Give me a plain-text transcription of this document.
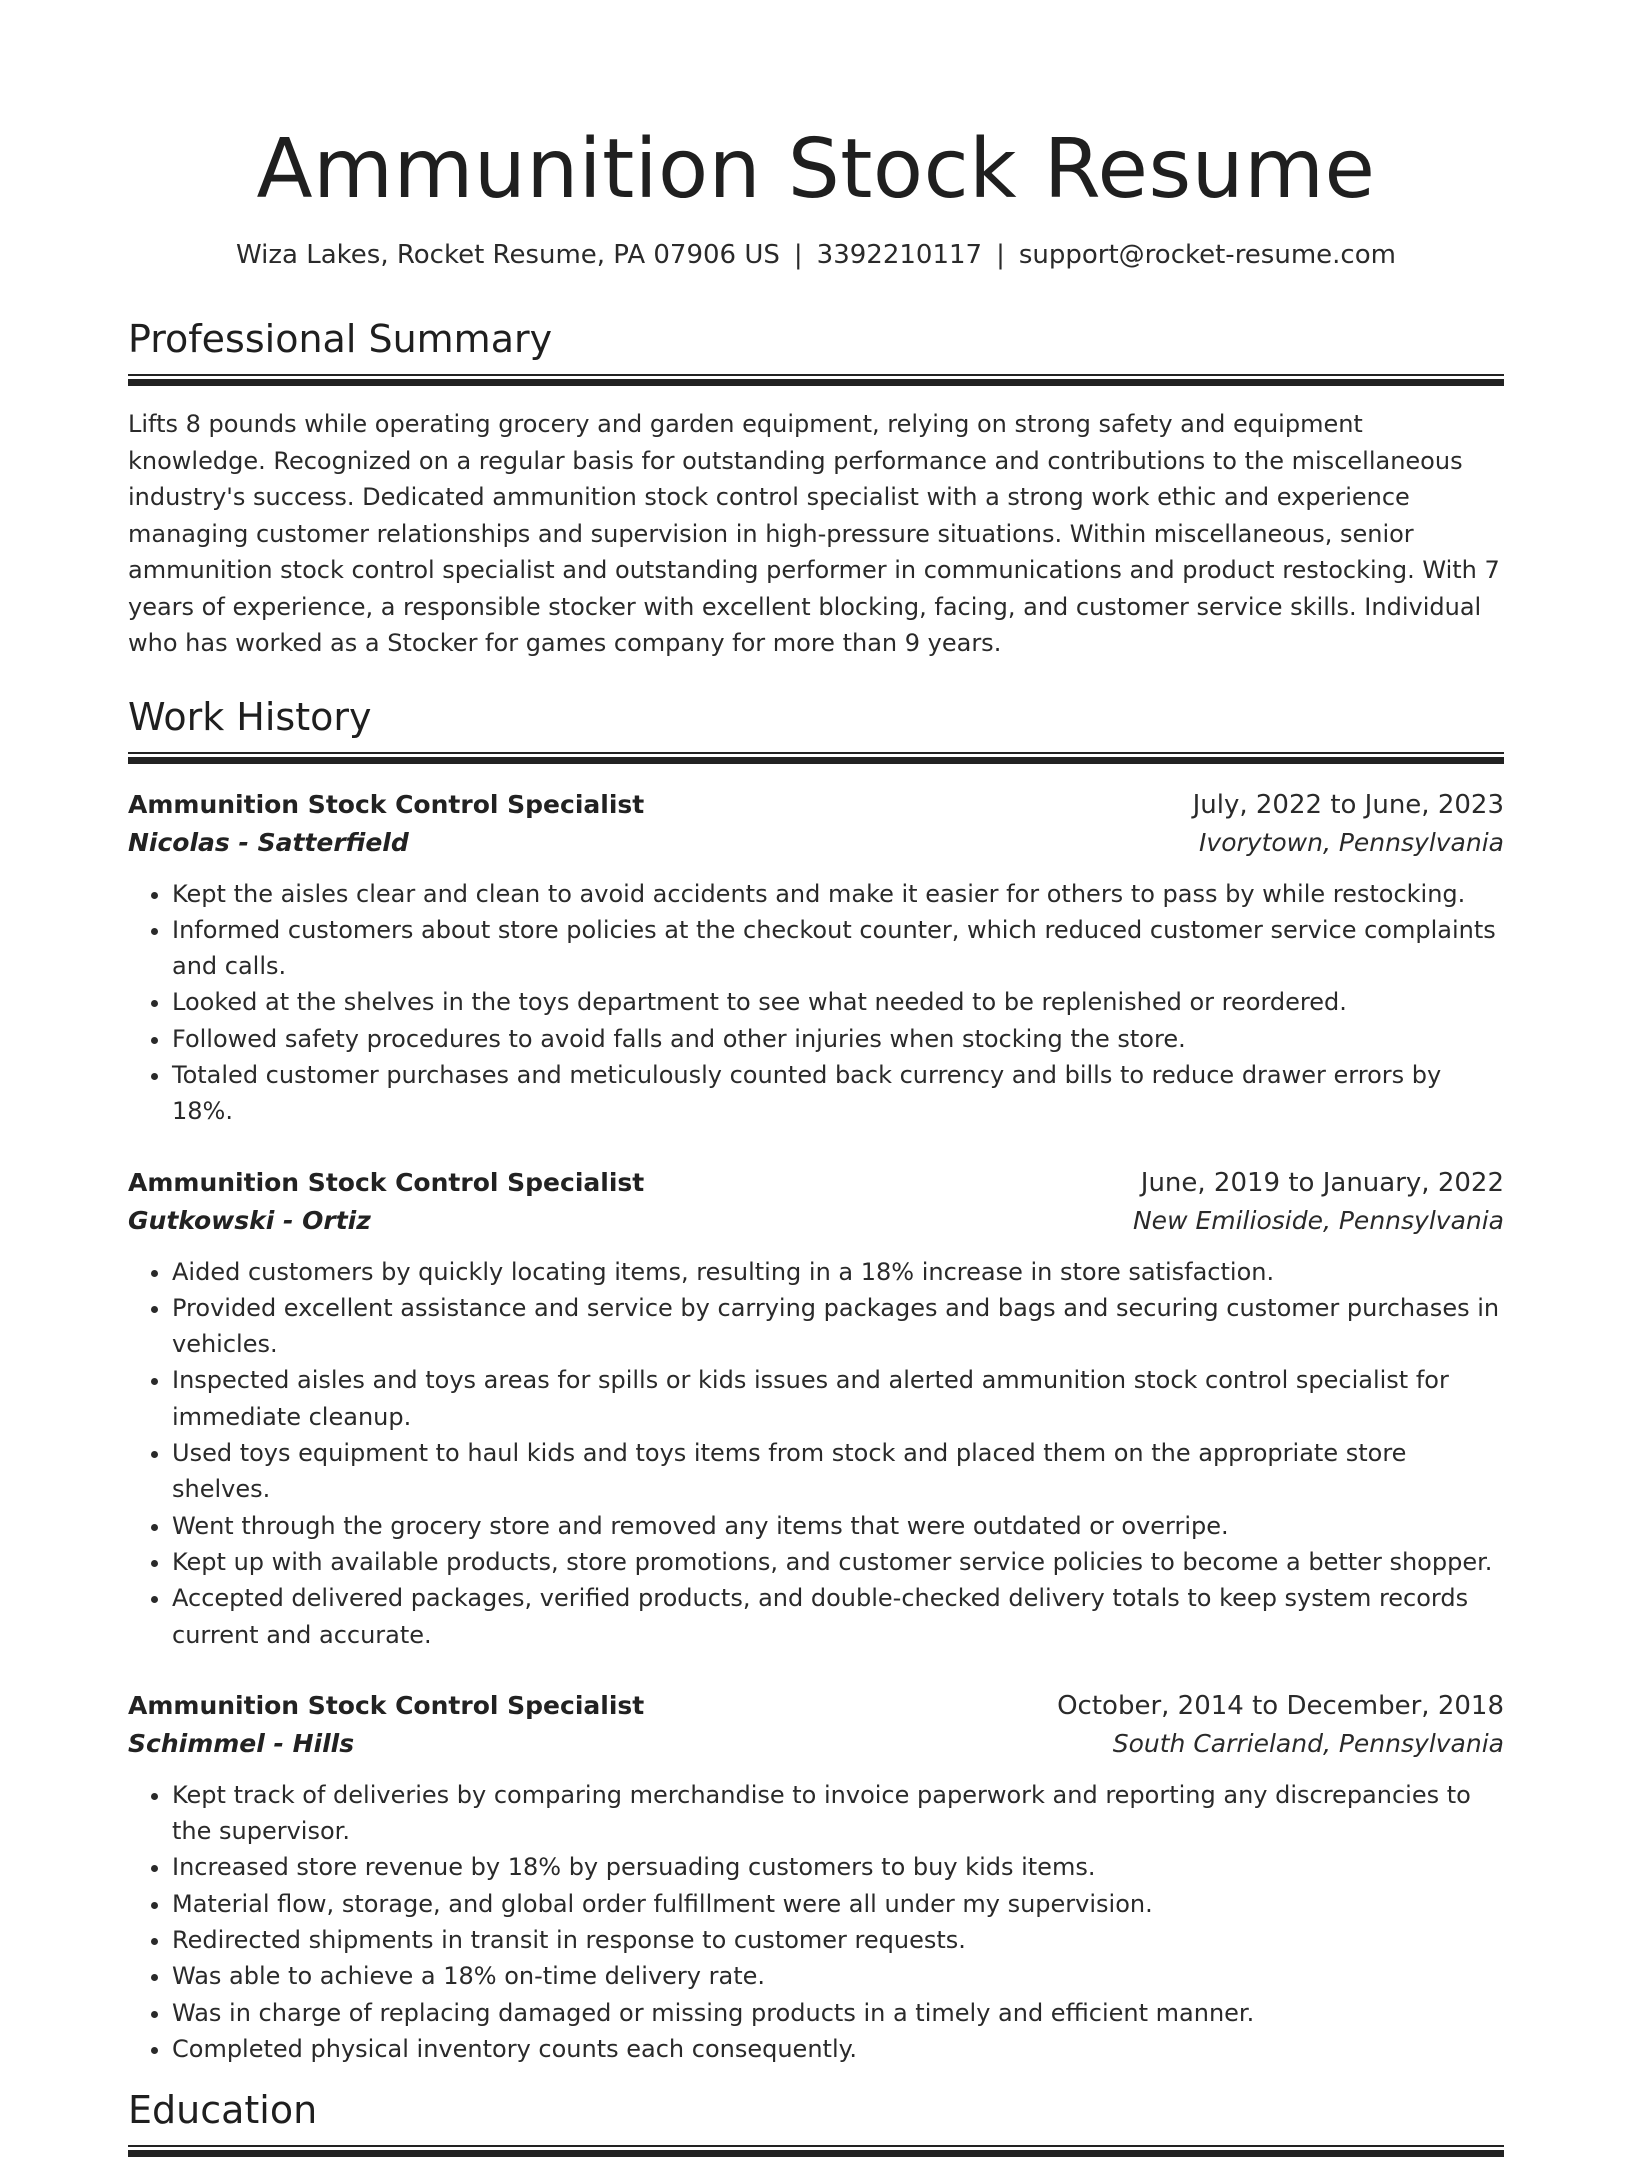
Ammunition Stock Resume
Wiza Lakes, Rocket Resume, PA 07906 US | 3392210117 | support@rocket-resume.com
Professional Summary

Lifts 8 pounds while operating grocery and garden equipment, relying on strong safety and equipment knowledge. Recognized on a regular basis for outstanding performance and contributions to the miscellaneous industry's success. Dedicated ammunition stock control specialist with a strong work ethic and experience managing customer relationships and supervision in high-pressure situations. Within miscellaneous, senior ammunition stock control specialist and outstanding performer in communications and product restocking. With 7 years of experience, a responsible stocker with excellent blocking, facing, and customer service skills. Individual who has worked as a Stocker for games company for more than 9 years.

Work History
Ammunition Stock Control Specialist	July, 2022 to June, 2023
Nicolas - Satterfield	Ivorytown, Pennsylvania
• Kept the aisles clear and clean to avoid accidents and make it easier for others to pass by while restocking.
• Informed customers about store policies at the checkout counter, which reduced customer service complaints and calls.
• Looked at the shelves in the toys department to see what needed to be replenished or reordered.
• Followed safety procedures to avoid falls and other injuries when stocking the store.
• Totaled customer purchases and meticulously counted back currency and bills to reduce drawer errors by 18%.
Ammunition Stock Control Specialist	June, 2019 to January, 2022
Gutkowski - Ortiz	New Emilioside, Pennsylvania
• Aided customers by quickly locating items, resulting in a 18% increase in store satisfaction.
• Provided excellent assistance and service by carrying packages and bags and securing customer purchases in vehicles.
• Inspected aisles and toys areas for spills or kids issues and alerted ammunition stock control specialist for immediate cleanup.
• Used toys equipment to haul kids and toys items from stock and placed them on the appropriate store shelves.
• Went through the grocery store and removed any items that were outdated or overripe.
• Kept up with available products, store promotions, and customer service policies to become a better shopper.
• Accepted delivered packages, verified products, and double-checked delivery totals to keep system records current and accurate.
Ammunition Stock Control Specialist	October, 2014 to December, 2018
Schimmel - Hills	South Carrieland, Pennsylvania
• Kept track of deliveries by comparing merchandise to invoice paperwork and reporting any discrepancies to the supervisor.
• Increased store revenue by 18% by persuading customers to buy kids items.
• Material flow, storage, and global order fulfillment were all under my supervision.
• Redirected shipments in transit in response to customer requests.
• Was able to achieve a 18% on-time delivery rate.
• Was in charge of replacing damaged or missing products in a timely and efficient manner.
• Completed physical inventory counts each consequently.
Education
